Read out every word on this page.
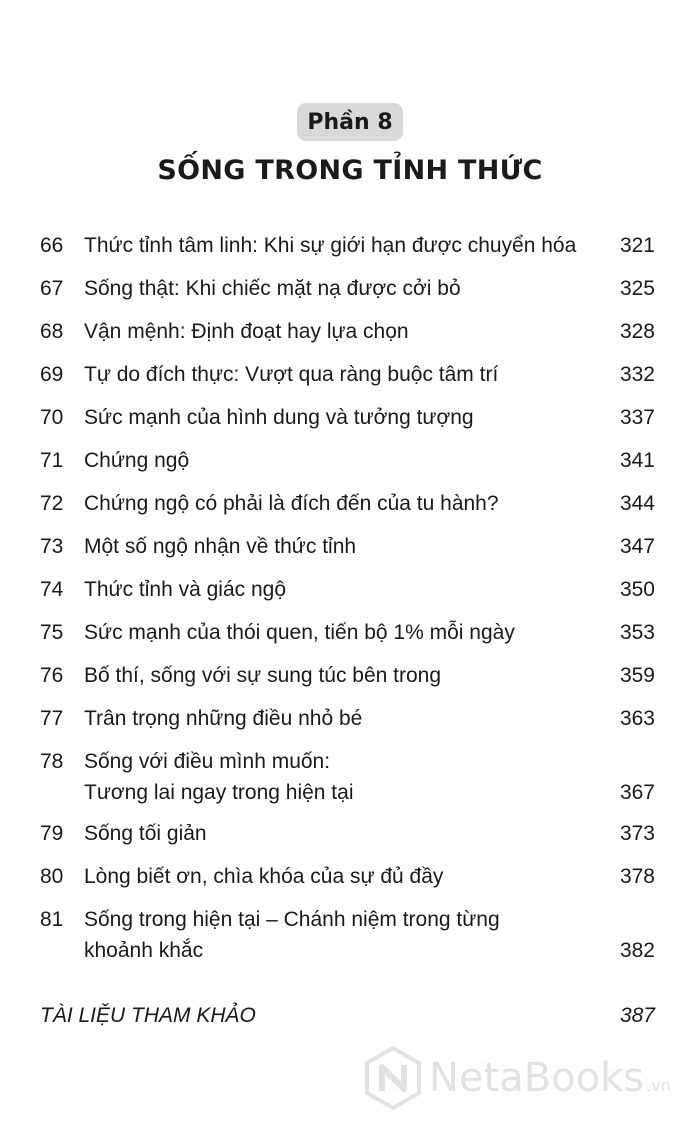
Phần 8
SỐNG TRONG TỈNH THỨC
66 Thức tỉnh tâm linh: Khi sự giới hạn được chuyển hóa	321
67 Sống thật: Khi chiếc mặt nạ được cởi bỏ	325
68 Vận mệnh: Định đoạt hay lựa chọn	328
69 Tự do đích thực: Vượt qua ràng buộc tâm trí	332
70 Sức mạnh của hình dung và tưởng tượng	337
71 Chứng ngộ	341
72 Chứng ngộ có phải là đích đến của tu hành?	344
73 Một số ngộ nhận về thức tỉnh	347
74 Thức tỉnh và giác ngộ	350
75 Sức mạnh của thói quen, tiến bộ 1% mỗi ngày	353
76 Bố thí, sống với sự sung túc bên trong	359
77 Trân trọng những điều nhỏ bé	363
78 Sống với điều mình muốn:
Tương lai ngay trong hiện tại	367
79 Sống tối giản	373
80 Lòng biết ơn, chìa khóa của sự đủ đầy	378
81 Sống trong hiện tại – Chánh niệm trong từng
khoảnh khắc	382
TÀI LIỆU THAM KHẢO	387
NetaBooks .vn
